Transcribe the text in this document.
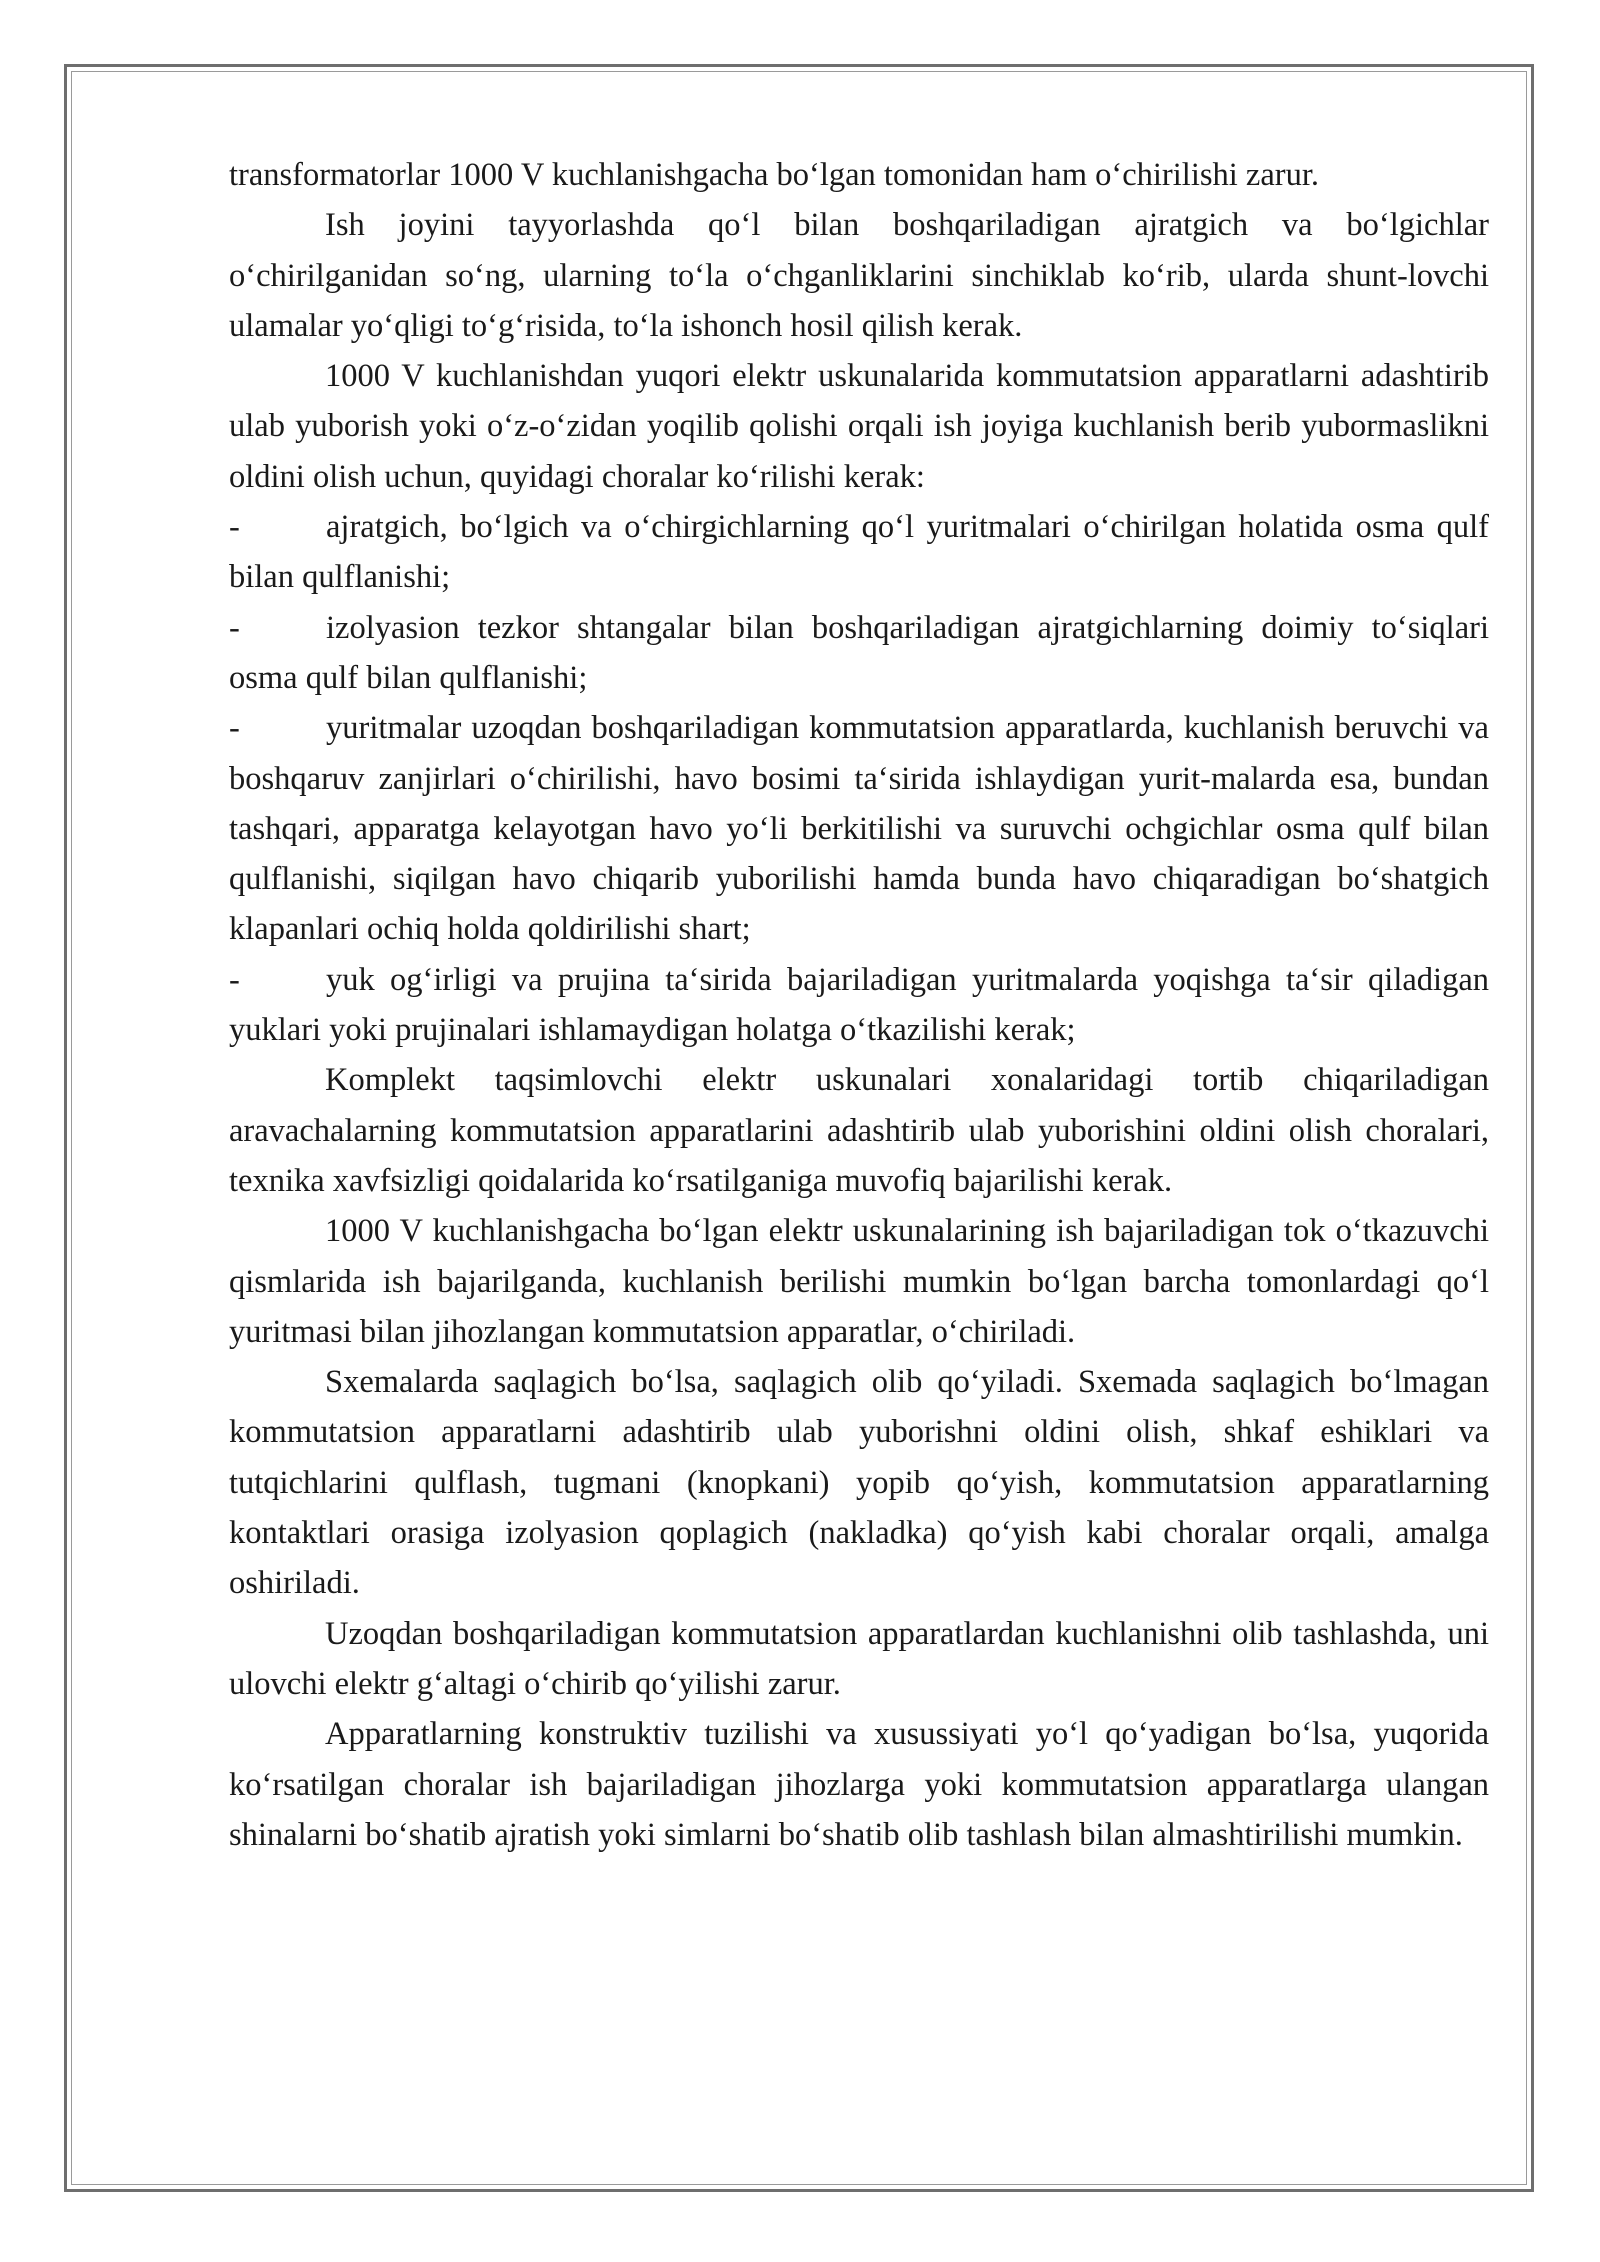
transformatorlar 1000 V kuchlanishgacha bo‘lgan tomonidan ham o‘chirilishi zarur.

Ish joyini tayyorlashda qo‘l bilan boshqariladigan ajratgich va bo‘lgichlar o‘chirilganidan so‘ng, ularning to‘la o‘chganliklarini sinchiklab ko‘rib, ularda shunt-lovchi ulamalar yo‘qligi to‘g‘risida, to‘la ishonch hosil qilish kerak.

1000 V kuchlanishdan yuqori elektr uskunalarida kommutatsion apparatlarni adashtirib ulab yuborish yoki o‘z-o‘zidan yoqilib qolishi orqali ish joyiga kuchlanish berib yubormaslikni oldini olish uchun, quyidagi choralar ko‘rilishi kerak:

-	ajratgich, bo‘lgich va o‘chirgichlarning qo‘l yuritmalari o‘chirilgan holatida osma qulf bilan qulflanishi;

-	izolyasion tezkor shtangalar bilan boshqariladigan ajratgichlarning doimiy to‘siqlari osma qulf bilan qulflanishi;

-	yuritmalar uzoqdan boshqariladigan kommutatsion apparatlarda, kuchlanish beruvchi va boshqaruv zanjirlari o‘chirilishi, havo bosimi ta‘sirida ishlaydigan yurit-malarda esa, bundan tashqari, apparatga kelayotgan havo yo‘li berkitilishi va suruvchi ochgichlar osma qulf bilan qulflanishi, siqilgan havo chiqarib yuborilishi hamda bunda havo chiqaradigan bo‘shatgich klapanlari ochiq holda qoldirilishi shart;

-	yuk og‘irligi va prujina ta‘sirida bajariladigan yuritmalarda yoqishga ta‘sir qiladigan yuklari yoki prujinalari ishlamaydigan holatga o‘tkazilishi kerak;

Komplekt taqsimlovchi elektr uskunalari xonalaridagi tortib chiqariladigan aravachalarning kommutatsion apparatlarini adashtirib ulab yuborishini oldini olish choralari, texnika xavfsizligi qoidalarida ko‘rsatilganiga muvofiq bajarilishi kerak.

1000 V kuchlanishgacha bo‘lgan elektr uskunalarining ish bajariladigan tok o‘tkazuvchi qismlarida ish bajarilganda, kuchlanish berilishi mumkin bo‘lgan barcha tomonlardagi qo‘l yuritmasi bilan jihozlangan kommutatsion apparatlar, o‘chiriladi.

Sxemalarda saqlagich bo‘lsa, saqlagich olib qo‘yiladi. Sxemada saqlagich bo‘lmagan kommutatsion apparatlarni adashtirib ulab yuborishni oldini olish, shkaf eshiklari va tutqichlarini qulflash, tugmani (knopkani) yopib qo‘yish, kommutatsion apparatlarning kontaktlari orasiga izolyasion qoplagich (nakladka) qo‘yish kabi choralar orqali, amalga oshiriladi.

Uzoqdan boshqariladigan kommutatsion apparatlardan kuchlanishni olib tashlashda, uni ulovchi elektr g‘altagi o‘chirib qo‘yilishi zarur.

Apparatlarning konstruktiv tuzilishi va xusussiyati yo‘l qo‘yadigan bo‘lsa, yuqorida ko‘rsatilgan choralar ish bajariladigan jihozlarga yoki kommutatsion apparatlarga ulangan shinalarni bo‘shatib ajratish yoki simlarni bo‘shatib olib tashlash bilan almashtirilishi mumkin.
